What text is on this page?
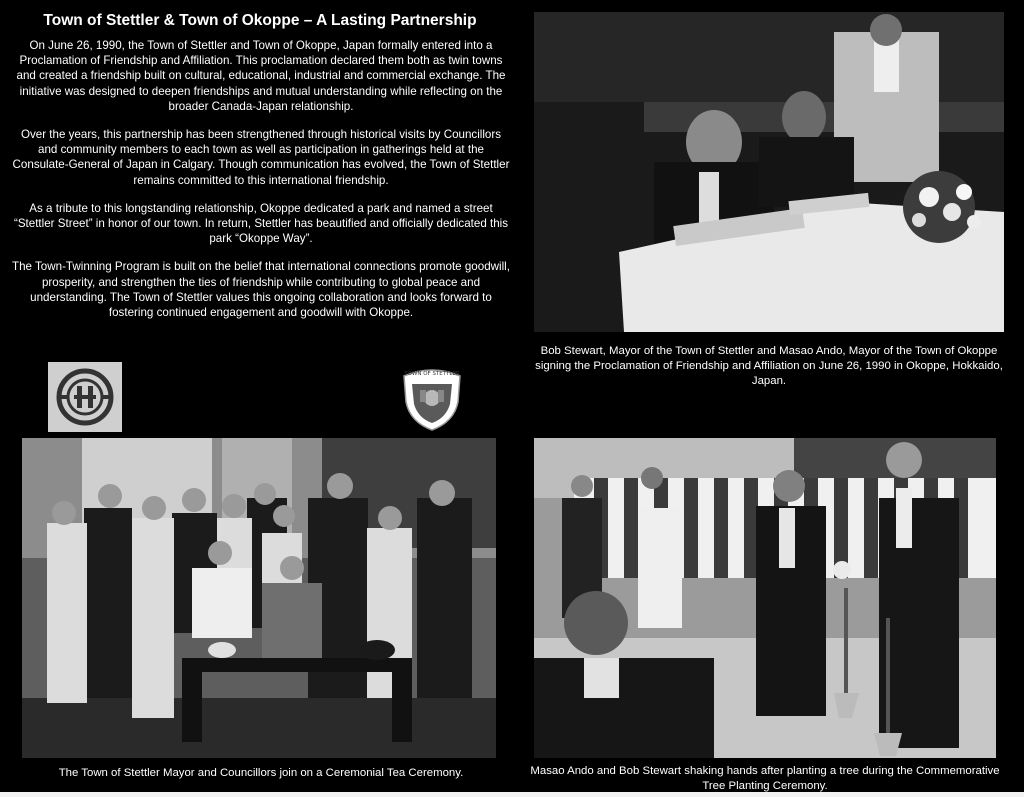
Town of Stettler & Town of Okoppe – A Lasting Partnership

On June 26, 1990, the Town of Stettler and Town of Okoppe, Japan formally entered into a Proclamation of Friendship and Affiliation. This proclamation declared them both as twin towns and created a friendship built on cultural, educational, industrial and commercial exchange. The initiative was designed to deepen friendships and mutual understanding while reflecting on the broader Canada-Japan relationship.

Over the years, this partnership has been strengthened through historical visits by Councillors and community members to each town as well as participation in gatherings held at the Consulate-General of Japan in Calgary. Though communication has evolved, the Town of Stettler remains committed to this international friendship.

As a tribute to this longstanding relationship, Okoppe dedicated a park and named a street “Stettler Street” in honor of our town. In return, Stettler has beautified and officially dedicated this park “Okoppe Way”.

The Town-Twinning Program is built on the belief that international connections promote goodwill, prosperity, and strengthen the ties of friendship while contributing to global peace and understanding. The Town of Stettler values this ongoing collaboration and looks forward to fostering continued engagement and goodwill with Okoppe.

TOWN OF STETTLER
Bob Stewart, Mayor of the Town of Stettler and Masao Ando, Mayor of the Town of Okoppe signing the Proclamation of Friendship and Affiliation on June 26, 1990 in Okoppe, Hokkaido, Japan.
The Town of Stettler Mayor and Councillors join on a Ceremonial Tea Ceremony.	Masao Ando and Bob Stewart shaking hands after planting a tree during the Commemorative Tree Planting Ceremony.
